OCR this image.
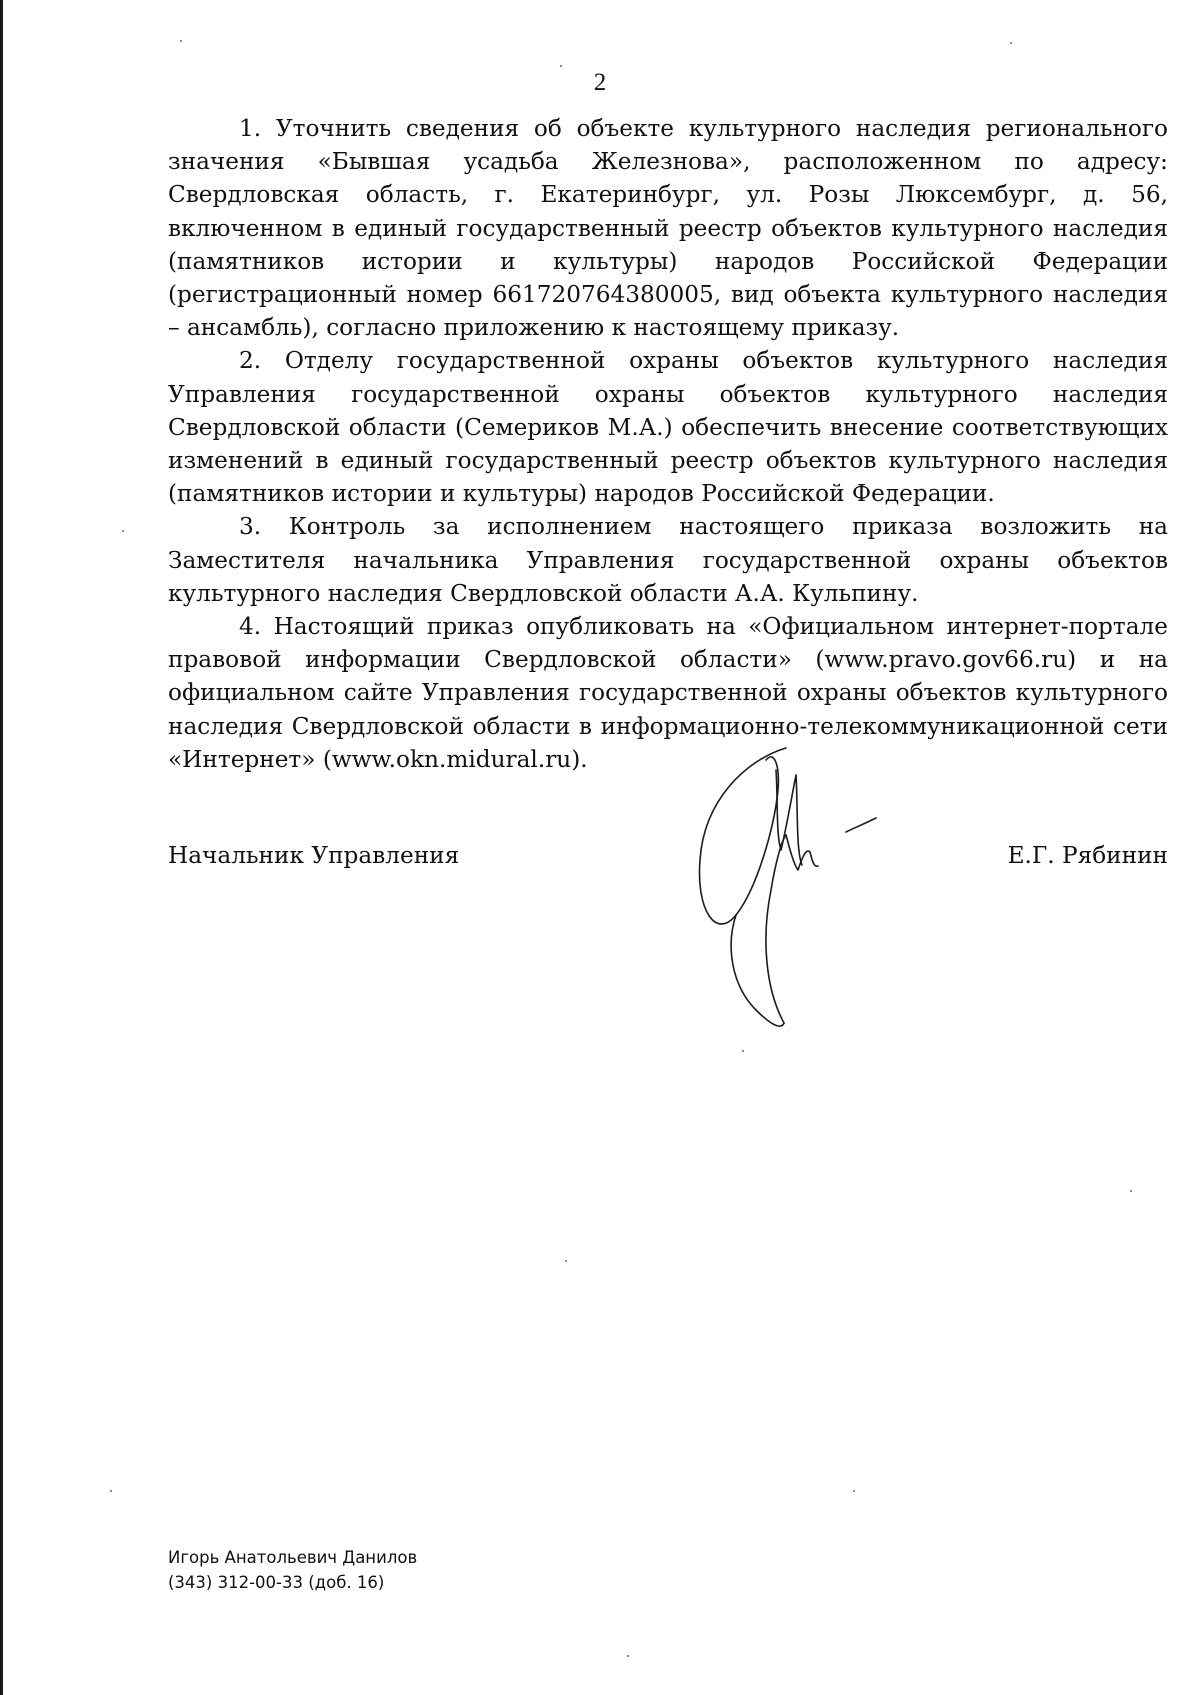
2

1. Уточнить сведения об объекте культурного наследия регионального значения «Бывшая усадьба Железнова», расположенном по адресу: Свердловская область, г. Екатеринбург, ул. Розы Люксембург, д. 56, включенном в единый государственный реестр объектов культурного наследия (памятников истории и культуры) народов Российской Федерации (регистрационный номер 661720764380005, вид объекта культурного наследия – ансамбль), согласно приложению к настоящему приказу.

2. Отделу государственной охраны объектов культурного наследия Управления государственной охраны объектов культурного наследия Свердловской области (Семериков М.А.) обеспечить внесение соответствующих изменений в единый государственный реестр объектов культурного наследия (памятников истории и культуры) народов Российской Федерации.

3. Контроль за исполнением настоящего приказа возложить на Заместителя начальника Управления государственной охраны объектов культурного наследия Свердловской области А.А. Кульпину.

4. Настоящий приказ опубликовать на «Официальном интернет-портале правовой информации Свердловской области» (www.pravo.gov66.ru) и на официальном сайте Управления государственной охраны объектов культурного наследия Свердловской области в информационно-телекоммуникационной сети «Интернет» (www.okn.midural.ru).

Начальник Управления	Е.Г. Рябинин
Игорь Анатольевич Данилов
(343) 312-00-33 (доб. 16)
